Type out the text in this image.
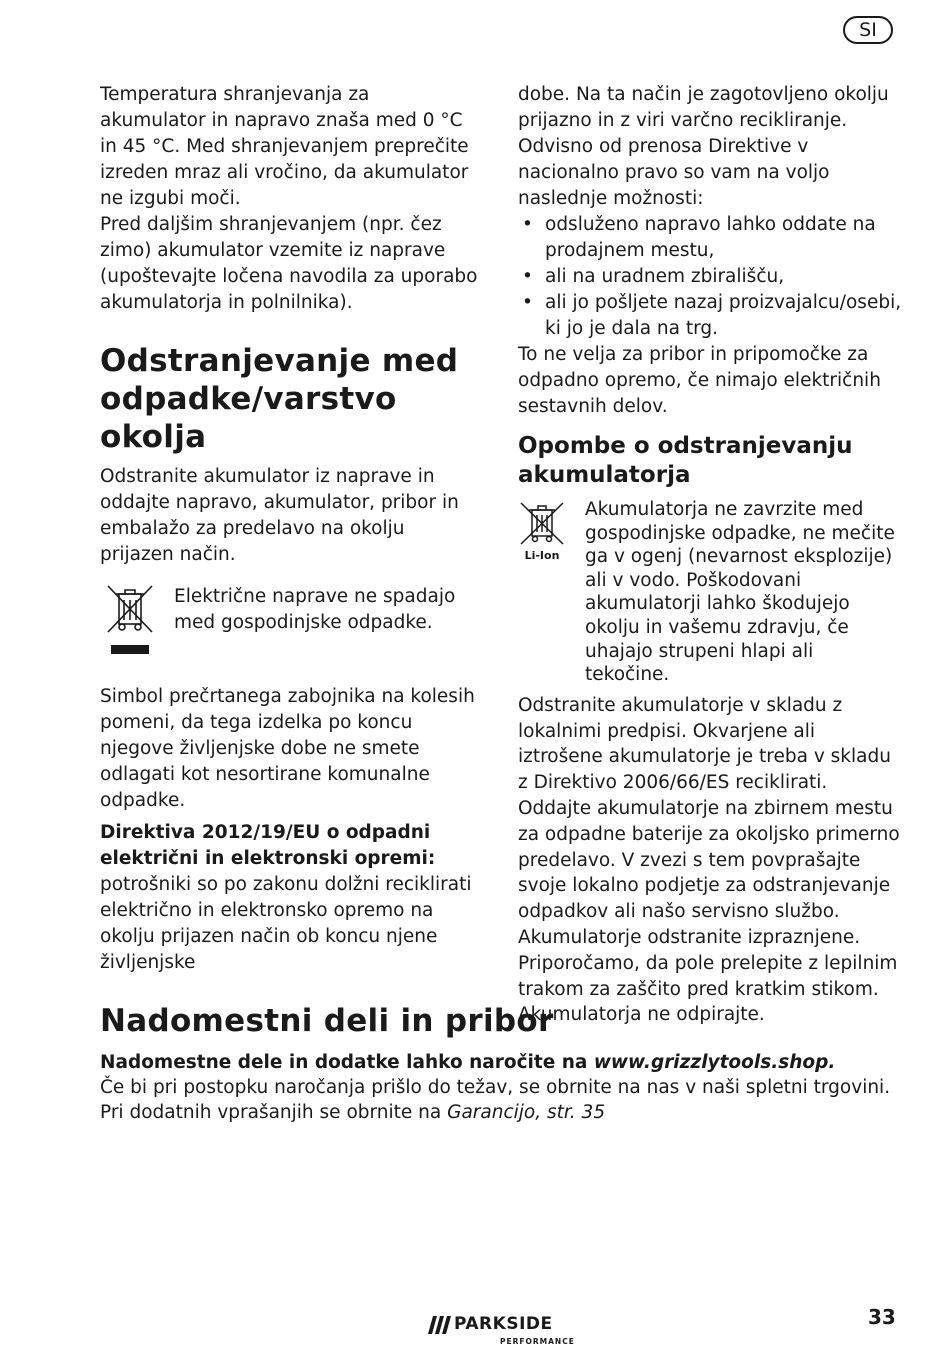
SI

Temperatura shranjevanja za akumulator in napravo znaša med 0 °C in 45 °C. Med shranjevanjem preprečite izreden mraz ali vročino, da akumulator ne izgubi moči.

Pred daljšim shranjevanjem (npr. čez zimo) akumulator vzemite iz naprave (upoštevajte ločena navodila za uporabo akumulatorja in polnilnika).

Odstranjevanje med odpadke/varstvo okolja

Odstranite akumulator iz naprave in oddajte napravo, akumulator, pribor in embalažo za predelavo na okolju prijazen način.

Električne naprave ne spadajo med gospodinjske odpadke.

Simbol prečrtanega zabojnika na kolesih pomeni, da tega izdelka po koncu njegove življenjske dobe ne smete odlagati kot nesortirane komunalne odpadke.

Direktiva 2012/19/EU o odpadni električni in elektronski opremi:

potrošniki so po zakonu dolžni reciklirati električno in elektronsko opremo na okolju prijazen način ob koncu njene življenjske

dobe. Na ta način je zagotovljeno okolju prijazno in z viri varčno recikliranje. Odvisno od prenosa Direktive v nacionalno pravo so vam na voljo naslednje možnosti:

• odsluženo napravo lahko oddate na prodajnem mestu,
• ali na uradnem zbirališču,
• ali jo pošljete nazaj proizvajalcu/osebi, ki jo je dala na trg.

To ne velja za pribor in pripomočke za odpadno opremo, če nimajo električnih sestavnih delov.

Opombe o odstranjevanju akumulatorja
Li-Ion

Akumulatorja ne zavrzite med gospodinjske odpadke, ne mečite ga v ogenj (nevarnost eksplozije) ali v vodo. Poškodovani akumulatorji lahko škodujejo okolju in vašemu zdravju, če uhajajo strupeni hlapi ali tekočine.

Odstranite akumulatorje v skladu z lokalnimi predpisi. Okvarjene ali iztrošene akumulatorje je treba v skladu z Direktivo 2006/66/ES reciklirati. Oddajte akumulatorje na zbirnem mestu za odpadne baterije za okoljsko primerno predelavo. V zvezi s tem povprašajte svoje lokalno podjetje za odstranjevanje odpadkov ali našo servisno službo. Akumulatorje odstranite izpraznjene. Priporočamo, da pole prelepite z lepilnim trakom za zaščito pred kratkim stikom. Akumulatorja ne odpirajte.

Nadomestni deli in pribor

Nadomestne dele in dodatke lahko naročite na www.grizzlytools.shop.
Če bi pri postopku naročanja prišlo do težav, se obrnite na nas v naši spletni trgovini. Pri dodatnih vprašanjih se obrnite na Garancijo, str. 35

PARKSIDE
PERFORMANCE
33
